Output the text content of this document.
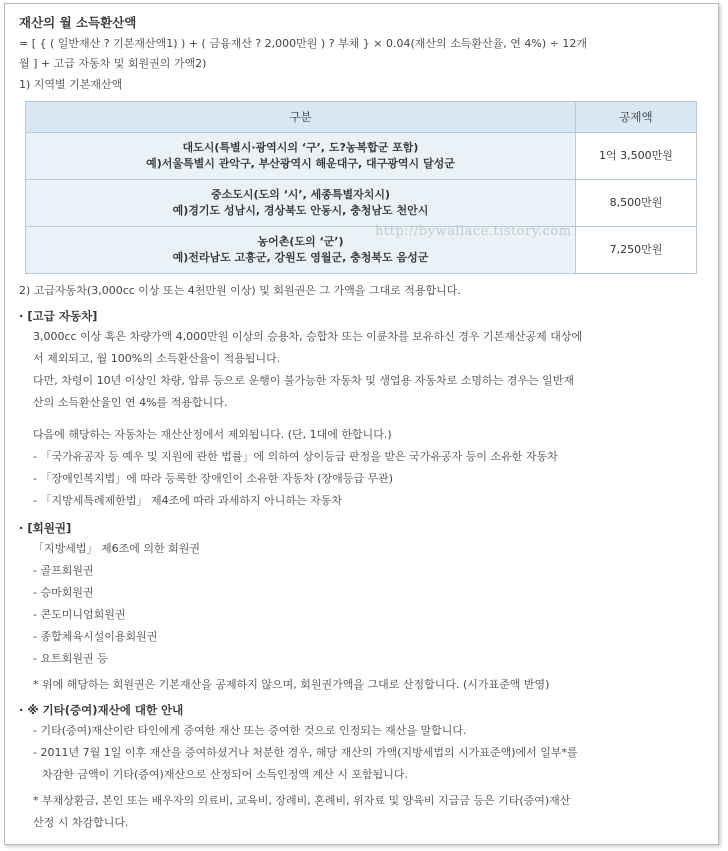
재산의 월 소득환산액
= [ { ( 일반재산 ? 기본재산액1) ) + ( 금융재산 ? 2,000만원 ) ? 부채 } × 0.04(재산의 소득환산율, 연 4%) ÷ 12개
월 ] + 고급 자동차 및 회원권의 가액2)
1) 지역별 기본재산액
구분	공제액

대도시(특별시·광역시의 ‘구’, 도?농복합군 포함)
예)서울특별시 관악구, 부산광역시 해운대구, 대구광역시 달성군	1억 3,500만원

중소도시(도의 ‘시’, 세종특별자치시)
예)경기도 성남시, 경상북도 안동시, 충청남도 천안시	8,500만원

농어촌(도의 ‘군’)
예)전라남도 고흥군, 강원도 영월군, 충청북도 음성군	7,250만원
2) 고급자동차(3,000cc 이상 또는 4천만원 이상) 및 회원권은 그 가액을 그대로 적용합니다.
· [고급 자동차]
3,000cc 이상 혹은 차량가액 4,000만원 이상의 승용차, 승합차 또는 이륜차를 보유하신 경우 기본재산공제 대상에
서 제외되고, 월 100%의 소득환산율이 적용됩니다.
다만, 차령이 10년 이상인 차량, 압류 등으로 운행이 불가능한 자동차 및 생업용 자동차로 소명하는 경우는 일반재
산의 소득환산율인 연 4%를 적용합니다.
다음에 해당하는 자동차는 재산산정에서 제외됩니다. (단, 1대에 한합니다.)
- 「국가유공자 등 예우 및 지원에 관한 법률」에 의하여 상이등급 판정을 받은 국가유공자 등이 소유한 자동차
- 「장애인복지법」에 따라 등록한 장애인이 소유한 자동차 (장애등급 무관)
- 「지방세특례제한법」 제4조에 따라 과세하지 아니하는 자동차
· [회원권]
「지방세법」 제6조에 의한 회원권
- 골프회원권
- 승마회원권
- 콘도미니엄회원권
- 종합체육시설이용회원권
- 요트회원권 등
* 위에 해당하는 회원권은 기본재산을 공제하지 않으며, 회원권가액을 그대로 산정합니다. (시가표준액 반영)
· ※ 기타(증여)재산에 대한 안내
- 기타(증여)재산이란 타인에게 증여한 재산 또는 증여한 것으로 인정되는 재산을 말합니다.
- 2011년 7월 1일 이후 재산을 증여하셨거나 처분한 경우, 해당 재산의 가액(지방세법의 시가표준액)에서 일부*를
차감한 금액이 기타(증여)재산으로 산정되어 소득인정액 계산 시 포함됩니다.
* 부채상환금, 본인 또는 배우자의 의료비, 교육비, 장례비, 혼례비, 위자료 및 양육비 지급금 등은 기타(증여)재산
산정 시 차감합니다.
http://bywallace.tistory.com
